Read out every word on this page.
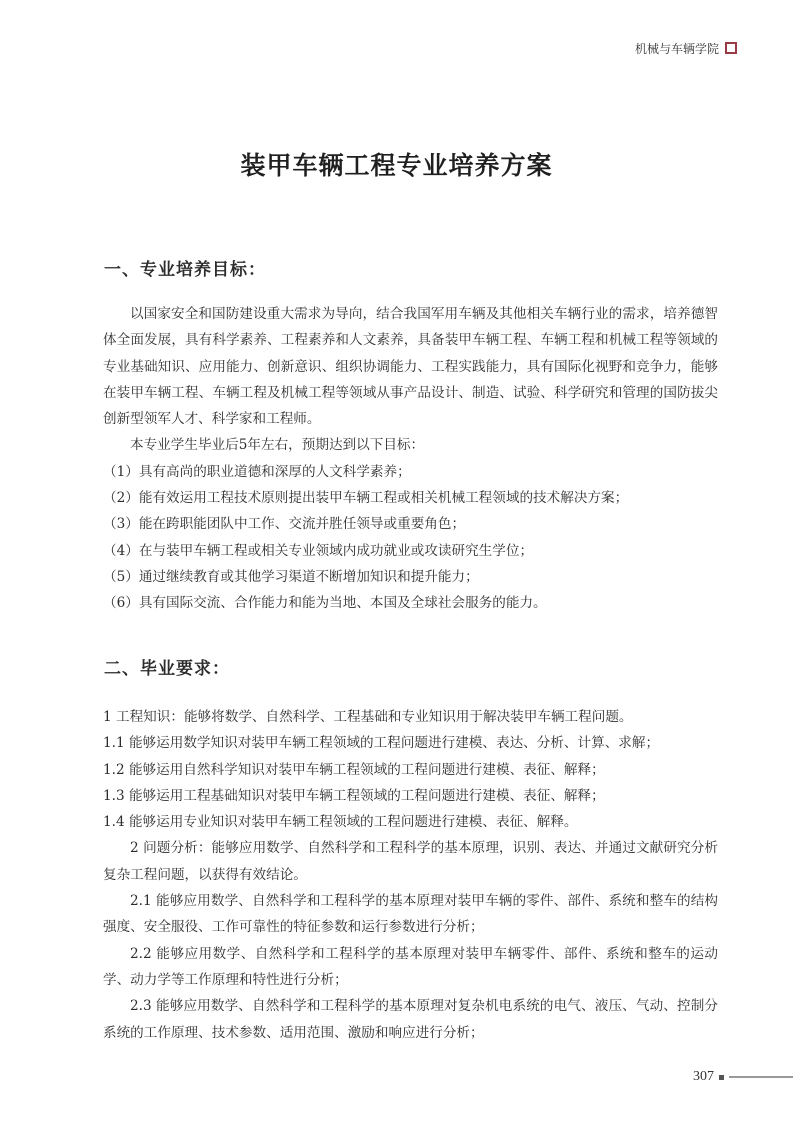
机械与车辆学院
装甲车辆工程专业培养方案
一、专业培养目标：

以国家安全和国防建设重大需求为导向，结合我国军用车辆及其他相关车辆行业的需求，培养德智体全面发展，具有科学素养、工程素养和人文素养，具备装甲车辆工程、车辆工程和机械工程等领域的专业基础知识、应用能力、创新意识、组织协调能力、工程实践能力，具有国际化视野和竞争力，能够在装甲车辆工程、车辆工程及机械工程等领域从事产品设计、制造、试验、科学研究和管理的国防拔尖创新型领军人才、科学家和工程师。

本专业学生毕业后5年左右，预期达到以下目标：

（1）具有高尚的职业道德和深厚的人文科学素养；

（2）能有效运用工程技术原则提出装甲车辆工程或相关机械工程领域的技术解决方案；

（3）能在跨职能团队中工作、交流并胜任领导或重要角色；

（4）在与装甲车辆工程或相关专业领域内成功就业或攻读研究生学位；

（5）通过继续教育或其他学习渠道不断增加知识和提升能力；

（6）具有国际交流、合作能力和能为当地、本国及全球社会服务的能力。

二、毕业要求：

1 工程知识：能够将数学、自然科学、工程基础和专业知识用于解决装甲车辆工程问题。

1.1 能够运用数学知识对装甲车辆工程领域的工程问题进行建模、表达、分析、计算、求解；

1.2 能够运用自然科学知识对装甲车辆工程领域的工程问题进行建模、表征、解释；

1.3 能够运用工程基础知识对装甲车辆工程领域的工程问题进行建模、表征、解释；

1.4 能够运用专业知识对装甲车辆工程领域的工程问题进行建模、表征、解释。

2 问题分析：能够应用数学、自然科学和工程科学的基本原理，识别、表达、并通过文献研究分析复杂工程问题，以获得有效结论。

2.1 能够应用数学、自然科学和工程科学的基本原理对装甲车辆的零件、部件、系统和整车的结构强度、安全服役、工作可靠性的特征参数和运行参数进行分析；

2.2 能够应用数学、自然科学和工程科学的基本原理对装甲车辆零件、部件、系统和整车的运动学、动力学等工作原理和特性进行分析；

2.3 能够应用数学、自然科学和工程科学的基本原理对复杂机电系统的电气、液压、气动、控制分系统的工作原理、技术参数、适用范围、激励和响应进行分析；

307
